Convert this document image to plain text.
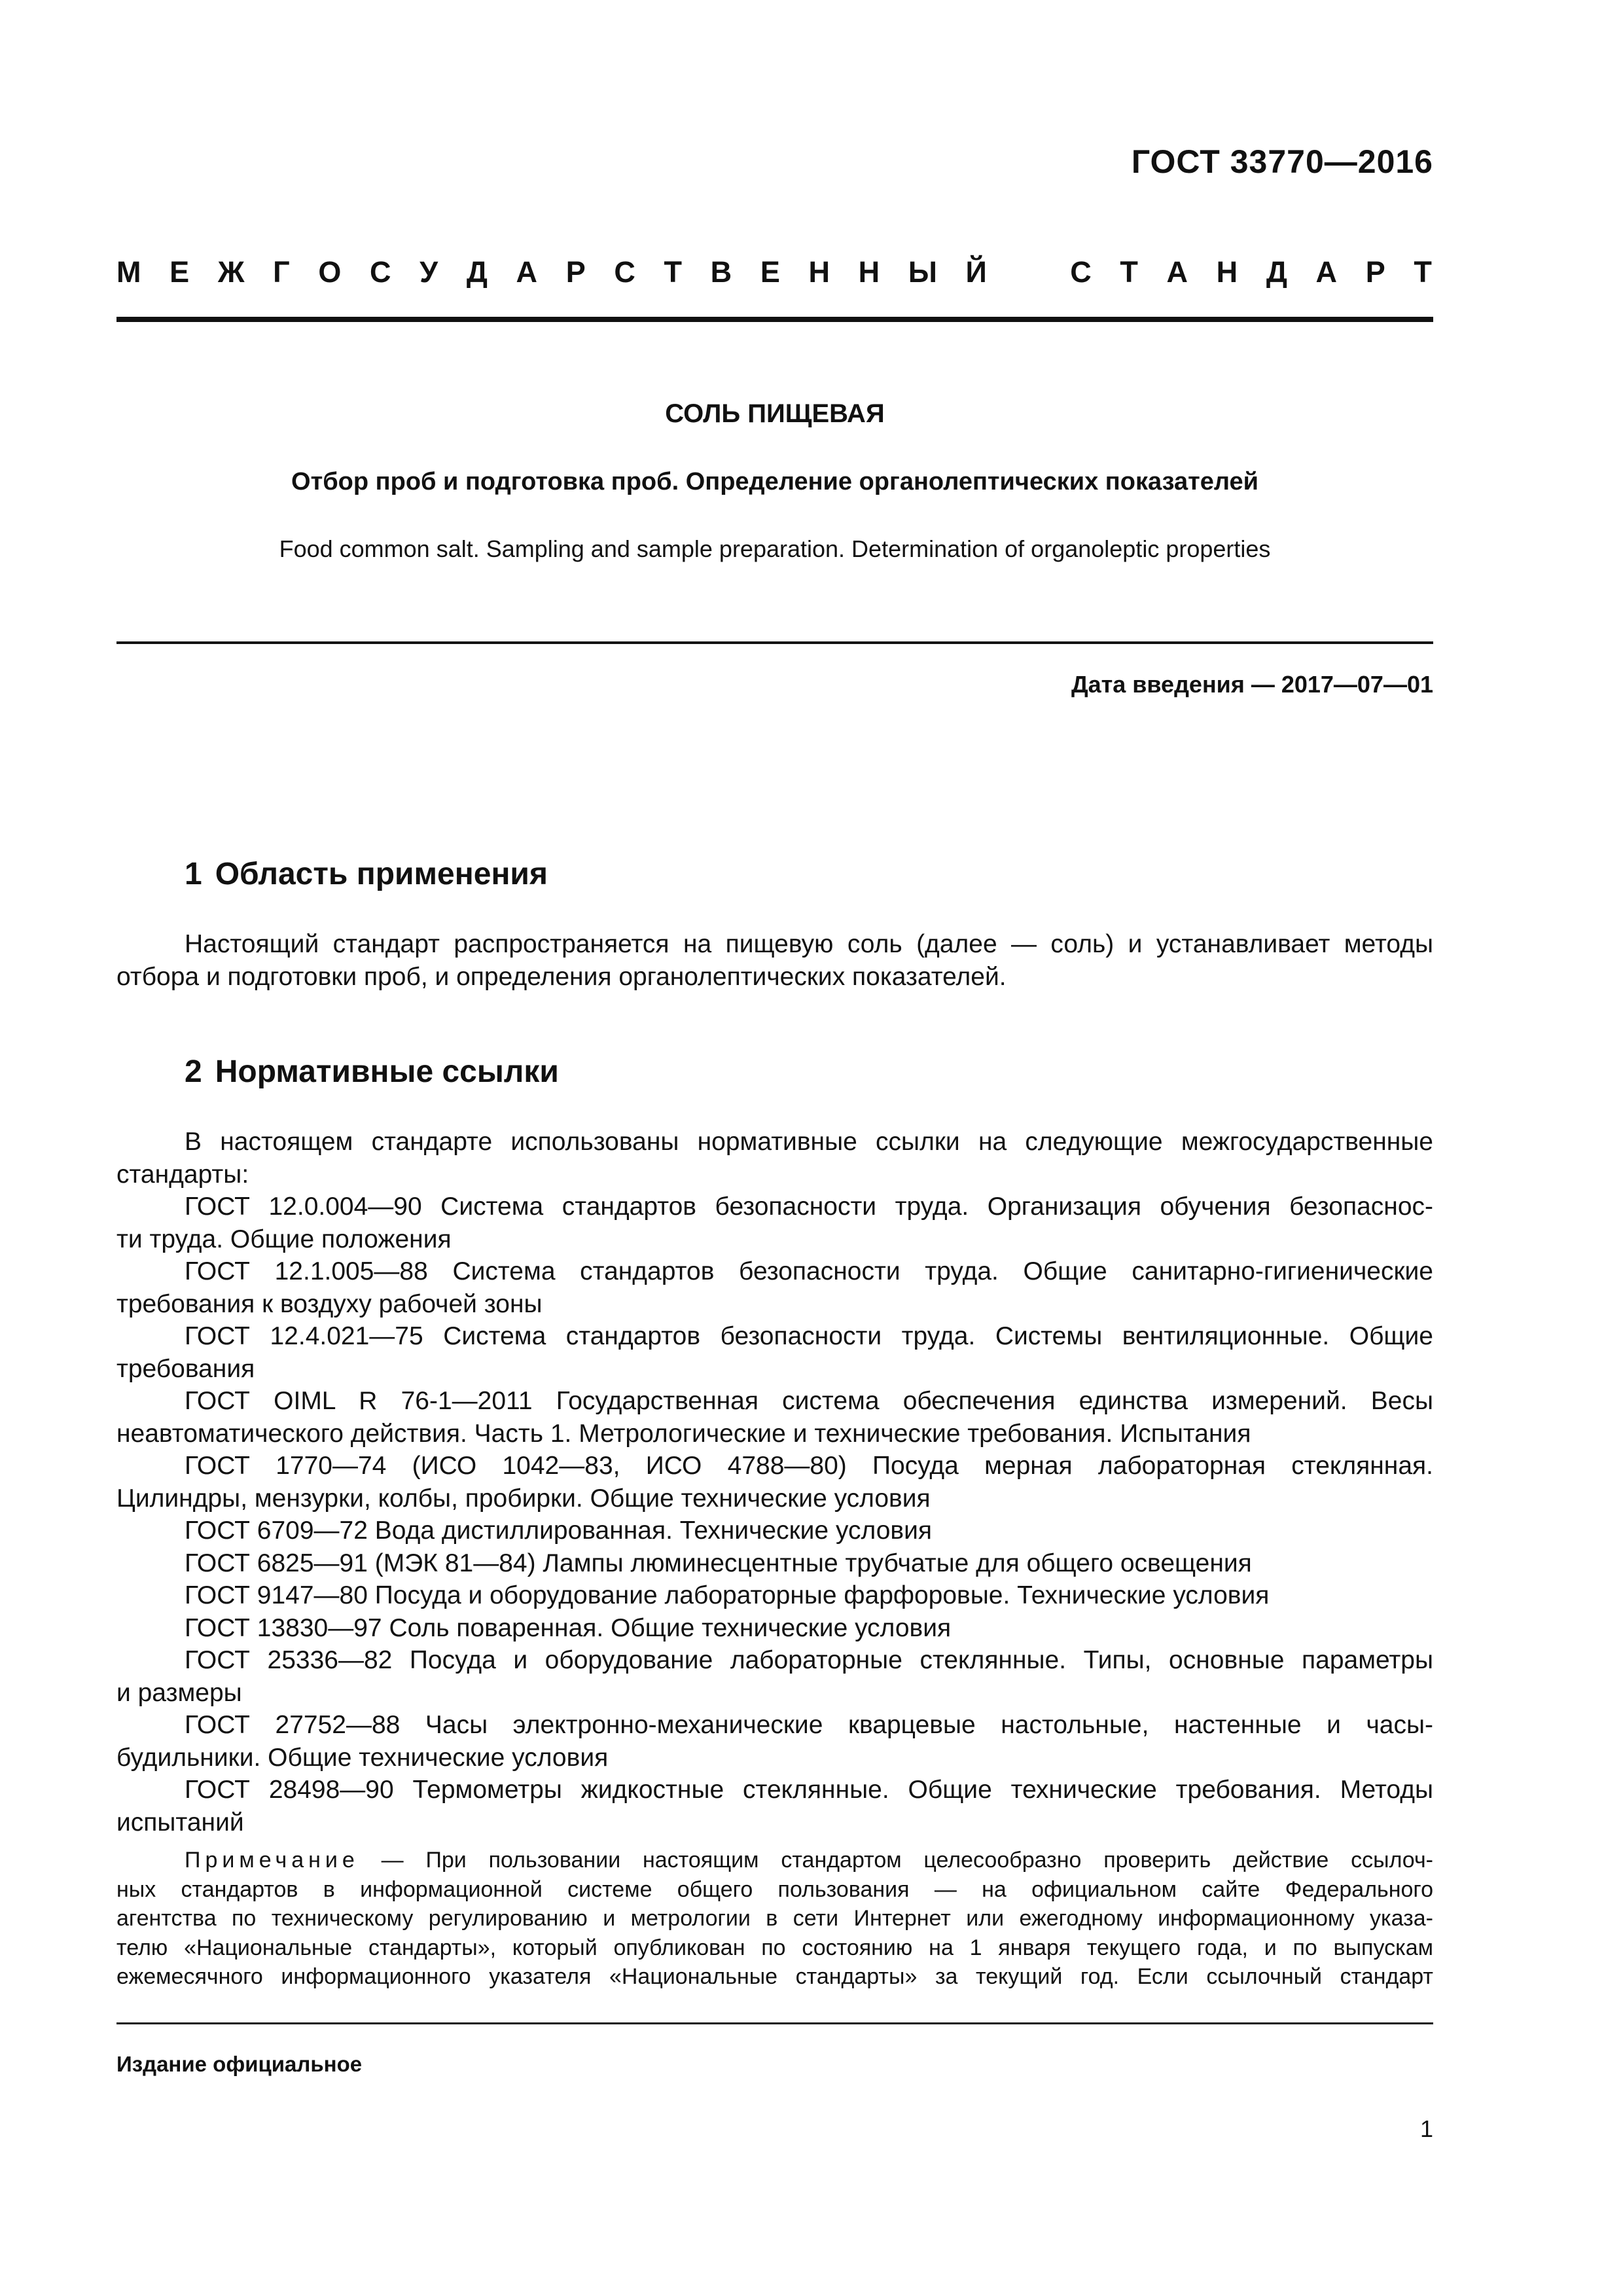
ГОСТ 33770—2016
М Е Ж Г О С У Д А Р С Т В Е Н Н Ы Й	С Т А Н Д А Р Т
СОЛЬ ПИЩЕВАЯ
Отбор проб и подготовка проб. Определение органолептических показателей
Food common salt. Sampling and sample preparation. Determination of organoleptic properties
Дата введения — 2017—07—01
1 Область применения
Настоящий стандарт распространяется на пищевую соль (далее — соль) и устанавливает методы
отбора и подготовки проб, и определения органолептических показателей.
2 Нормативные ссылки
В настоящем стандарте использованы нормативные ссылки на следующие межгосударственные
стандарты:
ГОСТ 12.0.004—90 Система стандартов безопасности труда. Организация обучения безопаснос-
ти труда. Общие положения
ГОСТ 12.1.005—88 Система стандартов безопасности труда. Общие санитарно-гигиенические
требования к воздуху рабочей зоны
ГОСТ 12.4.021—75 Система стандартов безопасности труда. Системы вентиляционные. Общие
требования
ГОСТ OIML R 76-1—2011 Государственная система обеспечения единства измерений. Весы
неавтоматического действия. Часть 1. Метрологические и технические требования. Испытания
ГОСТ 1770—74 (ИСО 1042—83, ИСО 4788—80) Посуда мерная лабораторная стеклянная.
Цилиндры, мензурки, колбы, пробирки. Общие технические условия
ГОСТ 6709—72 Вода дистиллированная. Технические условия
ГОСТ 6825—91 (МЭК 81—84) Лампы люминесцентные трубчатые для общего освещения
ГОСТ 9147—80 Посуда и оборудование лабораторные фарфоровые. Технические условия
ГОСТ 13830—97 Соль поваренная. Общие технические условия
ГОСТ 25336—82 Посуда и оборудование лабораторные стеклянные. Типы, основные параметры
и размеры
ГОСТ 27752—88 Часы электронно-механические кварцевые настольные, настенные и часы-
будильники. Общие технические условия
ГОСТ 28498—90 Термометры жидкостные стеклянные. Общие технические требования. Методы
испытаний
Примечание — При пользовании настоящим стандартом целесообразно проверить действие ссылоч-
ных стандартов в информационной системе общего пользования — на официальном сайте Федерального
агентства по техническому регулированию и метрологии в сети Интернет или ежегодному информационному указа-
телю «Национальные стандарты», который опубликован по состоянию на 1 января текущего года, и по выпускам
ежемесячного информационного указателя «Национальные стандарты» за текущий год. Если ссылочный стандарт
Издание официальное
1
